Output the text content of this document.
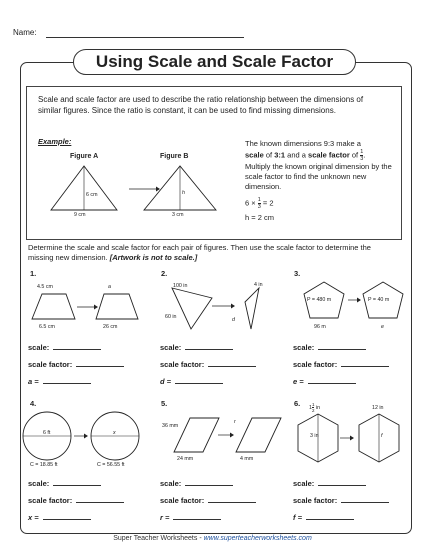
Name:
Using Scale and Scale Factor
Scale and scale factor are used to describe the ratio relationship between the dimensions of similar figures. Since the ratio is constant, it can be used to find missing dimensions.
Example:
Figure A	Figure B
6 cm
9 cm
h
3 cm
The known dimensions 9:3 make a
scale of 3:1 and a scale factor of $\frac{1}{3}$ .
Multiply the known original dimension by the scale factor to find the unknown new dimension.
$6 \times \frac{1}{3} = 2$
h = 2 cm
Determine the scale and scale factor for each pair of figures. Then use the scale factor to determine the missing new dimension. [Artwork is not to scale.]
1.	2.	3.
4.	5.	6.
4.5 cm	a
6.5 cm	26 cm
100 in	4 in
60 in	d
P = 480 m	P = 40 m
96 m	e
6 ft	x
C = 18.85 ft	C = 56.55 ft
36 mm
r
24 mm	4 mm
$1 \frac{1}{2}$ in	12 in
3 in	f
scale:
scale factor:
a =
scale:
scale factor:
d =
scale:
scale factor:
e =
scale:
scale factor:
x =
scale:
scale factor:
r =
scale:
scale factor:
f =
Super Teacher Worksheets - www.superteacherworksheets.com
